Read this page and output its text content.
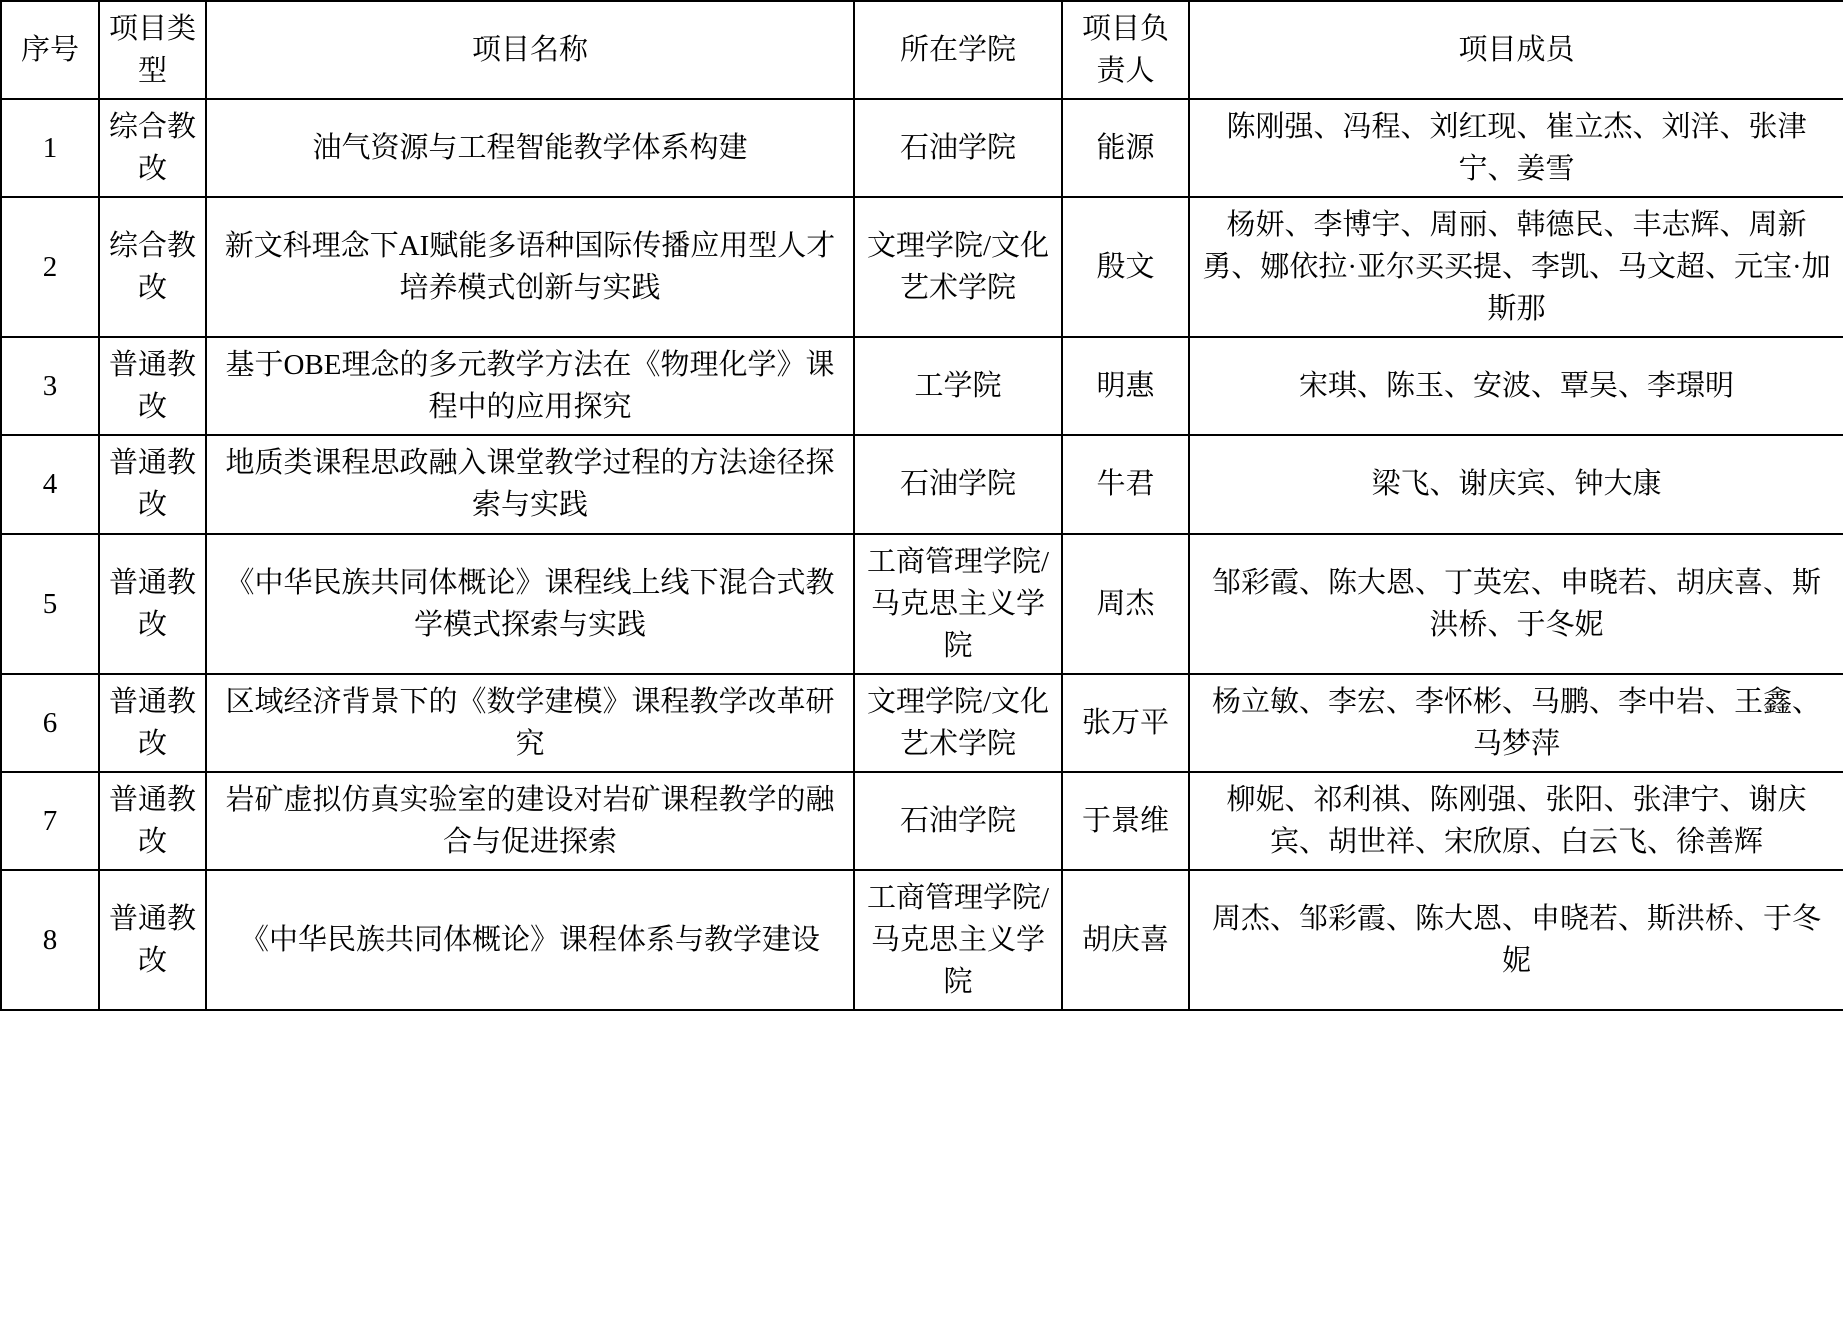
序号	项目类型	项目名称	所在学院	项目负责人	项目成员
1	综合教改	油气资源与工程智能教学体系构建	石油学院	能源	陈刚强、冯程、刘红现、崔立杰、刘洋、张津宁、姜雪
2	综合教改	新文科理念下AI赋能多语种国际传播应用型人才培养模式创新与实践	文理学院/文化艺术学院	殷文	杨妍、李博宇、周丽、韩德民、丰志辉、周新勇、娜依拉·亚尔买买提、李凯、马文超、元宝·加斯那
3	普通教改	基于OBE理念的多元教学方法在《物理化学》课程中的应用探究	工学院	明惠	宋琪、陈玉、安波、覃吴、李璟明
4	普通教改	地质类课程思政融入课堂教学过程的方法途径探索与实践	石油学院	牛君	梁飞、谢庆宾、钟大康
5	普通教改	《中华民族共同体概论》课程线上线下混合式教学模式探索与实践	工商管理学院/马克思主义学院	周杰	邹彩霞、陈大恩、丁英宏、申晓若、胡庆喜、斯洪桥、于冬妮
6	普通教改	区域经济背景下的《数学建模》课程教学改革研究	文理学院/文化艺术学院	张万平	杨立敏、李宏、李怀彬、马鹏、李中岩、王鑫、马梦萍
7	普通教改	岩矿虚拟仿真实验室的建设对岩矿课程教学的融合与促进探索	石油学院	于景维	柳妮、祁利祺、陈刚强、张阳、张津宁、谢庆宾、胡世祥、宋欣原、白云飞、徐善辉
8	普通教改	《中华民族共同体概论》课程体系与教学建设	工商管理学院/马克思主义学院	胡庆喜	周杰、邹彩霞、陈大恩、申晓若、斯洪桥、于冬妮
